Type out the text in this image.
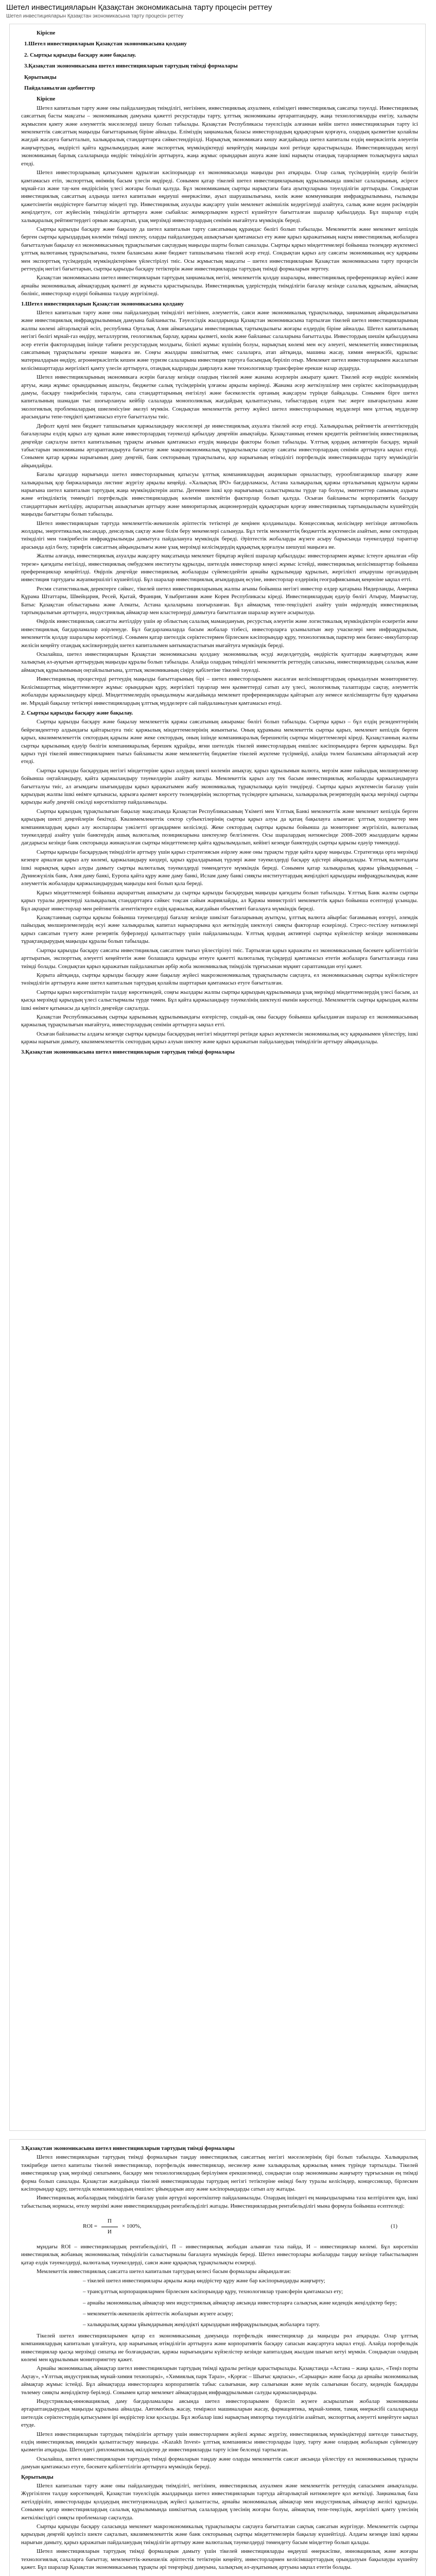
Шетел инвестицияларын Қазақстан экономикасына тарту процесін реттеу
Шетел инвестицияларын Қазақстан экономикасына тарту процесін реттеу

Кіріспе

1.Шетел инвестицияларын Қазақстан экономикасына қолдану

2. Сыртқы қарызды басқару және бақылау.

3.Қазақстан экономикасына шетел инвестицияларын тартудың тиімді формалары

Қорытынды

Пайдаланылған әдебиеттер

Кіріспе

Шетел капиталын тарту және оны пайдаланудың тиімділігі, негізінен, инвестициялық ахуалмен, еліміздегі инвестициялық саясатқа тәуелді. Инвестициялық саясаттың басты мақсаты – экономиканың дамуына қажетті ресурстарды тарту, ұлттық экономиканы әртараптандыру, жаңа технологияларды енгізу, халықты жұмыспен қамту және әлеуметтік мәселелерді шешу болып табылады. Қазақстан Республикасы тәуелсіздік алғаннан кейін шетел инвестицияларын тарту ісі мемлекеттік саясаттың маңызды бағыттарының біріне айналды. Еліміздің заңнамалық базасы инвесторлардың құқықтарын қорғауға, олардың қызметіне қолайлы жағдай жасауға бағытталып, халықаралық стандарттарға сәйкестендірілді. Нарықтық экономикаға көшу жағдайында шетел капиталы елдің өнеркәсіптік әлеуетін жаңғыртудың, өндірісті қайта құрылымдаудың және экспорттық мүмкіндіктерді кеңейтудің маңызды көзі ретінде қарастырылады. Инвестициялардың келуі экономиканың барлық салаларында өндіріс тиімділігін арттыруға, жаңа жұмыс орындарын ашуға және ішкі нарықты отандық тауарлармен толықтыруға ықпал етеді.

Шетел инвесторларының қатысуымен құрылған кәсіпорындар ел экономикасында маңызды рөл атқарады. Олар салық түсімдерінің едәуір бөлігін қамтамасыз етіп, экспорттық өнімнің басым үлесін өндіреді. Сонымен қатар тікелей шетел инвестицияларының құрылымында шикізат салаларының, әсіресе мұнай-газ және тау-кен өндірісінің үлесі жоғары болып қалуда. Бұл экономиканың сыртқы нарықтағы баға ауытқуларына тәуелділігін арттырады. Сондықтан инвестициялық саясаттың алдында шетел капиталын өңдеуші өнеркәсіпке, ауыл шаруашылығына, көлік және коммуникация инфрақұрылымына, ғылымды қажетсінетін өндірістерге бағыттау міндеті тұр. Инвестициялық ахуалды жақсарту үшін мемлекет әкімшілік кедергілерді азайтуға, салық және кеден рәсімдерін жеңілдетуге, сот жүйесінің тиімділігін арттыруға және сыбайлас жемқорлықпен күресті күшейтуге бағытталған шаралар қабылдауда. Бұл шаралар елдің халықаралық рейтингтердегі орнын жақсартып, ұзақ мерзімді инвесторлардың сенімін нығайтуға мүмкіндік береді.

Сыртқы қарызды басқару және бақылау да шетел капиталын тарту саясатының құрамдас бөлігі болып табылады. Мемлекеттік және мемлекет кепілдік берген сыртқы қарыздардың көлемін тиімді шектеу, оларды пайдаланудың ашықтығын қамтамасыз ету және қарыз қаражатының нақты инвестициялық жобаларға бағытталуын бақылау ел экономикасының тұрақтылығын сақтаудың маңызды шарты болып саналады. Сыртқы қарыз міндеттемелері бойынша төлемдер жүктемесі ұлттық валютаның тұрақтылығына, төлем балансына және бюджет тапшылығына тікелей әсер етеді. Сондықтан қарыз алу саясаты экономиканың өсу қарқыны мен экспорттық түсімдердің мүмкіндіктерімен үйлестірілуі тиіс. Осы жұмыстың мақсаты – шетел инвестицияларын Қазақстан экономикасына тарту процесін реттеудің негізгі бағыттарын, сыртқы қарызды басқару тетіктерін және инвестицияларды тартудың тиімді формаларын зерттеу.

Қазақстан экономикасына шетел инвестицияларын тартудың заңнамалық негізі, мемлекеттік қолдау шаралары, инвестициялық преференциялар жүйесі және арнайы экономикалық аймақтардың қызметі де жұмыста қарастырылады. Инвестициялық үдерістердің тиімділігін бағалау кезінде салалық құрылым, аймақтық бөлініс, инвесторлар елдері бойынша талдау жүргізіледі.

1.Шетел инвестицияларын Қазақстан экономикасына қолдану

Шетел капиталын тарту және оны пайдаланудың тиімділігі негізінен, әлеуметтік, саяси және экономикалық тұрақтылыққа, заңнаманың айқындылығына және инвестициялық инфрақұрылымның дамуына байланысты. Тәуелсіздік жылдарында Қазақстан экономикасына тартылған тікелей шетел инвестицияларының жалпы көлемі айтарлықтай өсіп, республика Орталық Азия аймағындағы инвестициялық тартымдылығы жоғары елдердің біріне айналды. Шетел капиталының негізгі бөлігі мұнай-газ өндіру, металлургия, геологиялық барлау, қаржы қызметі, көлік және байланыс салаларына бағытталды. Инвестордың шешім қабылдауына әсер ететін факторлардың ішінде табиғи ресурстардың молдығы, білікті жұмыс күшінің болуы, нарықтың көлемі мен өсу әлеуеті, мемлекеттің инвестициялық саясатының тұрақтылығы ерекше маңызға ие. Соңғы жылдары шикізаттық емес салаларға, атап айтқанда, машина жасау, химия өнеркәсібі, құрылыс материалдарын өндіру, агроөнеркәсіптік кешен және туризм салаларына инвестиция тартуға басымдық беріліп отыр. Мемлекет шетел инвесторларымен жасалатын келісімшарттарда жергілікті қамту үлесін арттыруға, отандық кадрларды даярлауға және технологиялар трансферіне ерекше назар аударуда.

Шетел инвестицияларының экономикаға әсерін бағалау кезінде олардың тікелей және жанама әсерлерін ажырату қажет. Тікелей әсер өндіріс көлемінің артуы, жаңа жұмыс орындарының ашылуы, бюджетке салық түсімдерінің ұлғаюы арқылы көрінеді. Жанама әсер жеткізушілер мен серіктес кәсіпорындардың дамуы, басқару тәжірибесінің таралуы, сапа стандарттарының енгізілуі және бәсекелестік ортаның жақсаруы түрінде байқалады. Сонымен бірге шетел капиталының шамадан тыс шоғырлануы кейбір салаларда монополиялық жағдайдың қалыптасуына, табыстардың елден тыс жерге шығарылуына және экологиялық проблемалардың шиеленісуіне әкелуі мүмкін. Сондықтан мемлекеттік реттеу жүйесі шетел инвесторларының мүдделері мен ұлттық мүдделер арасындағы тепе-теңдікті қамтамасыз етуге бағытталуы тиіс.

Дефолт қаупі мен бюджет тапшылығын қаржыландыру мәселелері де инвестициялық ахуалға тікелей әсер етеді. Халықаралық рейтингтік агенттіктердің бағалаулары елдің қарыз алу құнын және инвесторлардың тәуекелді қабылдау деңгейін анықтайды. Қазақстанның егемен кредиттік рейтингінің инвестициялық деңгейде сақталуы шетел капиталының тұрақты ағынын қамтамасыз етудің маңызды факторы болып табылады. Ұлттық қордың активтерін басқару, мұнай табыстарын экономиканы әртараптандыруға бағыттау және макроэкономикалық тұрақтылықты сақтау саясаты инвесторлардың сенімін арттыруға ықпал етеді. Сонымен қатар қаржы нарығының даму деңгейі, банк секторының тұрақтылығы, қор нарығының өтімділігі портфельдік инвестицияларды тарту мүмкіндігін айқындайды.

Бағалы қағаздар нарығында шетел инвесторларының қатысуы ұлттық компаниялардың акцияларын орналастыру, еурооблигациялар шығару және халықаралық қор биржаларында листинг жүргізу арқылы кеңейді. «Халықтық IPO» бағдарламасы, Астана халықаралық қаржы орталығының құрылуы қаржы нарығына шетел капиталын тартудың жаңа мүмкіндіктерін ашты. Дегенмен ішкі қор нарығының салыстырмалы түрде тар болуы, эмитенттер санының аздығы және өтімділіктің төмендігі портфельдік инвестициялардың көлемін шектейтін факторлар болып қалуда. Осыған байланысты корпоративтік басқару стандарттарын жетілдіру, ақпараттың ашықтығын арттыру және миноритарлық акционерлердің құқықтарын қорғау инвестициялық тартымдылықты күшейтудің маңызды бағыттары болып табылады.

Шетел инвестицияларын тартуда мемлекеттік-жекешелік әріптестік тетіктері де кеңінен қолданылады. Концессиялық келісімдер негізінде автомобиль жолдары, энергетикалық нысандар, денсаулық сақтау және білім беру мекемелері салынуда. Бұл тетік мемлекеттің бюджеттік жүктемесін азайтып, жеке сектордың тиімділігі мен тәжірибесін инфрақұрылымды дамытуға пайдалануға мүмкіндік береді. Әріптестік жобаларды жүзеге асыру барысында тәуекелдерді тараптар арасында әділ бөлу, тарифтік саясаттың айқындылығы және ұзақ мерзімді келісімдердің құқықтық қорғалуы шешуші маңызға ие.

Жалпы алғанда, инвестициялық ахуалды жақсарту мақсатында мемлекет бірқатар жүйелі шаралар қабылдады: инвесторлармен жұмыс істеуге арналған «бір терезе» қағидаты енгізілді, инвестициялық омбудсмен институты құрылды, шетелдік инвесторлар кеңесі жұмыс істейді, инвестициялық келісімшарттар бойынша преференциялар кеңейтілді. Өңірлік деңгейде инвестициялық жобаларды сүйемелдейтін арнайы құрылымдар құрылып, жергілікті атқарушы органдардың инвестиция тартудағы жауапкершілігі күшейтілді. Бұл шаралар инвестициялық ағындардың өсуіне, инвесторлар елдерінің географиясының кеңеюіне ықпал етті.

Ресми статистикалық деректерге сәйкес, тікелей шетел инвестицияларының жалпы ағыны бойынша негізгі инвестор елдер қатарына Нидерланды, Америка Құрама Штаттары, Швейцария, Ресей, Қытай, Франция, Ұлыбритания және Корея Республикасы кіреді. Инвестициялардың едәуір бөлігі Атырау, Маңғыстау, Батыс Қазақстан облыстарына және Алматы, Астана қалаларына шоғырланған. Бұл аймақтық тепе-теңсіздікті азайту үшін өңірлердің инвестициялық тартымдылығын арттыруға, индустриялық аймақтар мен кластерлерді дамытуға бағытталған шаралар жүзеге асырылуда.

Өңірлік инвестициялық саясатты жетілдіру үшін әр облыстың салалық мамандануын, ресурстық әлеуетін және логистикалық мүмкіндіктерін ескеретін жеке инвестициялық бағдарламалар әзірленуде. Бұл бағдарламаларда басым жобалар тізбесі, инвесторларға ұсынылатын жер учаскелері мен инфрақұрылым, мемлекеттік қолдау шаралары көрсетіледі. Сонымен қатар шетелдік серіктестермен бірлескен кәсіпорындар құру, технологиялық парктер мен бизнес-инкубаторлар желісін кеңейту отандық кәсіпкерлердің шетел капиталымен ынтымақтастығын нығайтуға мүмкіндік береді.

Осылайша, шетел инвестицияларын Қазақстан экономикасына қолдану экономикалық өсуді жеделдетудің, өндірістік қуаттарды жаңғыртудың және халықтың әл-ауқатын арттырудың маңызды құралы болып табылады. Алайда олардың тиімділігі мемлекеттік реттеудің сапасына, инвестициялардың салалық және аймақтық құрылымының оңтайлылығына, ұлттық экономиканың сіңіру қабілетіне тікелей тәуелді.

Инвестициялық процестерді реттеудің маңызды бағыттарының бірі – шетел инвесторларымен жасалған келісімшарттардың орындалуын мониторингтеу. Келісімшарттық міндеттемелерге жұмыс орындарын құру, жергілікті тауарлар мен қызметтерді сатып алу үлесі, экологиялық талаптарды сақтау, әлеуметтік жобаларды қаржыландыру кіреді. Міндеттемелердің орындалмауы жағдайында мемлекет преференцияларды қайтарып алу немесе келісімшартты бұзу құқығына ие. Мұндай бақылау тетіктері инвестициялардың ұлттық мүдделерге сай пайдаланылуын қамтамасыз етеді.

2. Сыртқы қарызды басқару және бақылау.

Сыртқы қарызды басқару және бақылау мемлекеттік қаржы саясатының ажырамас бөлігі болып табылады. Сыртқы қарыз – бұл елдің резиденттерінің бейрезиденттер алдындағы қайтарылуға тиіс қаржылық міндеттемелерінің жиынтығы. Оның құрамына мемлекеттік сыртқы қарыз, мемлекет кепілдік берген қарыз, квазимемлекеттік сектордың қарызы және жеке сектордың, оның ішінде компанияаралық берешектің сыртқы міндеттемелері кіреді. Қазақстанның жалпы сыртқы қарызының едәуір бөлігін компанияаралық берешек құрайды, яғни шетелдік тікелей инвесторлардың еншілес кәсіпорындарға берген қарыздары. Бұл қарыз түрі тікелей инвестициялармен тығыз байланысты және мемлекеттің бюджетіне тікелей жүктеме түсірмейді, алайда төлем балансына айтарлықтай әсер етеді.

Сыртқы қарызды басқарудың негізгі міндеттеріне қарыз алудың шекті көлемін анықтау, қарыз құрылымын валюта, мерзім және пайыздық мөлшерлемелер бойынша оңтайландыру, қайта қаржыландыру тәуекелдерін азайту жатады. Мемлекеттік қарыз алу тек басым инвестициялық жобаларды қаржыландыруға бағытталуы тиіс, ал ағымдағы шығындарды қарыз қаражатымен жабу экономикалық тұрақтылыққа қауіп төндіреді. Сыртқы қарыз жүктемесін бағалау үшін қарыздың жалпы ішкі өнімге қатынасы, қарызға қызмет көрсету төлемдерінің экспорттық түсімдерге қатынасы, халықаралық резервтердің қысқа мерзімді сыртқы қарызды жабу деңгейі секілді көрсеткіштер пайдаланылады.

Сыртқы қарыздың тұрақтылығын бақылау мақсатында Қазақстан Республикасының Үкіметі мен Ұлттық Банкі мемлекеттік және мемлекет кепілдік берген қарыздың шекті деңгейлерін бекітеді. Квазимемлекеттік сектор субъектілерінің сыртқы қарыз алуы да қатаң бақылауға алынған: ұлттық холдингтер мен компаниялардың қарыз алу жоспарлары уәкілетті органдармен келісіледі. Жеке сектордың сыртқы қарызы бойынша да мониторинг жүргізіліп, валюталық тәуекелдерді азайту үшін банктердің ашық валюталық позицияларына шектеулер белгіленген. Осы шаралардың нәтижесінде 2008–2009 жылдардағы қаржы дағдарысы кезінде банк секторында жинақталған сыртқы міндеттемелер қайта құрылымдалып, кейінгі кезеңде банктердің сыртқы қарызы едәуір төмендеді.

Сыртқы қарызды басқарудың тиімділігін арттыру үшін қарыз стратегиясын әзірлеу және оны тұрақты түрде қайта қарау маңызды. Стратегияда орта мерзімді кезеңге арналған қарыз алу көлемі, қаржыландыру көздері, қарыз құралдарының түрлері және тәуекелдерді басқару әдістері айқындалады. Ұлттық валютадағы ішкі нарықтық қарыз алуды дамыту сыртқы валюталық тәуекелдерді төмендетуге мүмкіндік береді. Сонымен қатар халықаралық қаржы ұйымдарының – Дүниежүзілік банк, Азия даму банкі, Еуропа қайта құру және даму банкі, Ислам даму банкі сияқты институттардың жеңілдікті қарыздары инфрақұрылымдық және әлеуметтік жобаларды қаржыландырудың маңызды көзі болып қала береді.

Қарыз міндеттемелері бойынша ақпараттың ашықтығы да сыртқы қарызды басқарудың маңызды қағидаты болып табылады. Ұлттық Банк жалпы сыртқы қарыз туралы деректерді халықаралық стандарттарға сәйкес тоқсан сайын жариялайды, ал Қаржы министрлігі мемлекеттік қарыз бойынша есептерді ұсынады. Бұл ақпарат инвесторлар мен рейтингтік агенттіктерге елдің қаржылық жағдайын объективті бағалауға мүмкіндік береді.

Қазақстанның сыртқы қарызы бойынша тәуекелдерді бағалау кезінде шикізат бағаларының ауытқуы, ұлттық валюта айырбас бағамының өзгеруі, әлемдік пайыздық мөлшерлемелердің өсуі және халықаралық капитал нарықтарына қол жеткізудің шектелуі сияқты факторлар ескеріледі. Стресс-тестілеу нәтижелері қарыз саясатын түзету және резервтік буферлерді қалыптастыру үшін пайдаланылады. Ұлттық қордың активтері сыртқы күйзелістер кезінде экономиканы тұрақтандырудың маңызды құралы болып табылады.

Сыртқы қарызды басқару саясаты инвестициялық саясатпен тығыз үйлестірілуі тиіс. Тартылған қарыз қаражаты ел экономикасының бәсекеге қабілеттілігін арттыратын, экспорттық әлеуетті кеңейтетін және болашақта қарызды өтеуге қажетті валюталық түсімдерді қамтамасыз ететін жобаларға бағытталғанда ғана тиімді болады. Сондықтан қарыз қаражатын пайдаланатын әрбір жоба экономикалық тиімділік тұрғысынан мұқият сараптамадан өтуі қажет.

Қорыта айтқанда, сыртқы қарызды басқару және бақылау жүйесі макроэкономикалық тұрақтылықты сақтауға, ел экономикасының сыртқы күйзелістерге төзімділігін арттыруға және шетел капиталын тартудың қолайлы шарттарын қамтамасыз етуге бағытталған.

Сыртқы қарыз көрсеткіштерін талдау көрсеткендей, соңғы жылдары жалпы сыртқы қарыздың құрылымында ұзақ мерзімді міндеттемелердің үлесі басым, ал қысқа мерзімді қарыздың үлесі салыстырмалы түрде төмен. Бұл қайта қаржыландыру тәуекелінің шектеулі екенін көрсетеді. Мемлекеттік сыртқы қарыздың жалпы ішкі өнімге қатынасы да қауіпсіз деңгейде сақталуда.

Қазақстан Республикасының сыртқы қарызының құрылымындағы өзгерістер, сондай-ақ оны басқару бойынша қабылданған шаралар ел экономикасының қаржылық тұрақтылығын нығайтуға, инвесторлардың сенімін арттыруға ықпал етті.

Осыған байланысты алдағы кезеңде сыртқы қарызды басқарудың негізгі міндеттері ретінде қарыз жүктемесін экономикалық өсу қарқынымен үйлестіру, ішкі қаржы нарығын дамыту, квазимемлекеттік сектордың қарыз алуын шектеу және қарыз қаражатын пайдаланудың тиімділігін арттыру айқындалады.

3.Қазақстан экономикасына шетел инвестицияларын тартудың тиімді формалары

3.Қазақстан экономикасына шетел инвестицияларын тартудың тиімді формалары

Шетел инвестицияларын тартудың тиімді формаларын таңдау инвестициялық саясаттың негізгі мәселелерінің бірі болып табылады. Халықаралық тәжірибеде шетел капиталы тікелей инвестициялар, портфельдік инвестициялар, несиелер және халықаралық қаржылық көмек түрінде тартылады. Тікелей инвестициялар ұзақ мерзімді сипатымен, басқару мен технологиялардың берілуімен ерекшеленеді, сондықтан олар экономиканы жаңғырту тұрғысынан ең тиімді форма болып саналады. Қазақстан жағдайында тікелей инвестицияларды тартудың негізгі тетіктеріне өнімді бөлу туралы келісімдер, концессиялар, бірлескен кәсіпорындар құру, шетелдік компаниялардың еншілес ұйымдарын ашу және кәсіпорындарды сатып алу жатады.

Инвестициялық жобалардың тиімділігін бағалау үшін әртүрлі көрсеткіштер пайдаланылады. Олардың ішіндегі ең маңыздыларына таза келтірілген құн, ішкі табыстылық нормасы, өтелу мерзімі және инвестициялардың рентабельділігі жатады. Инвестициялардың рентабельділігі мына формула бойынша есептеледі:

ROI = $\frac{П}{И} \times 100\%$,	(1)

мұндағы ROI – инвестициялардың рентабельділігі, П – инвестициялық жобадан алынған таза пайда, И – инвестициялар көлемі. Бұл көрсеткіш инвестициялық жобаның экономикалық тиімділігін салыстырмалы бағалауға мүмкіндік береді. Шетел инвесторлары жобаларды таңдау кезінде табыстылықпен қатар елдік тәуекелдерді, валюталық тәуекелдерді, саяси және құқықтық тұрақтылықты ескереді.

Мемлекеттік инвестициялық саясатта шетел капиталын тартудың келесі басым формалары айқындалған:

– тікелей шетел инвестициялары арқылы жаңа өндірістер құру және бар кәсіпорындарды жаңғырту;

– трансұлттық корпорациялармен бірлескен кәсіпорындар құру, технологиялар трансферін қамтамасыз ету;

– арнайы экономикалық аймақтар мен индустриялық аймақтар аясында инвесторларға салықтық және кедендік жеңілдіктер беру;

– мемлекеттік-жекешелік әріптестік жобаларын жүзеге асыру;

– халықаралық қаржы ұйымдарының жеңілдікті қарыздарын инфрақұрылымдық жобаларға тарту.

Тікелей шетел инвестицияларымен қатар ел экономикасының дамуында портфельдік инвестициялар да маңызды рөл атқарады. Олар ұлттық компаниялардың капиталын ұлғайтуға, қор нарығының өтімділігін арттыруға және корпоративтік басқару сапасын жақсартуға ықпал етеді. Алайда портфельдік инвестициялар қысқа мерзімді сипатқа ие болғандықтан, қаржы нарығындағы күйзелістер кезінде капиталдың жылдам шығып кетуі мүмкін. Сондықтан олардың көлемі мен құрылымын мониторингтеу қажет.

Арнайы экономикалық аймақтар шетел инвестицияларын тартудың тиімді құралы ретінде қарастырылады. Қазақстанда «Астана – жаңа қала», «Теңіз порты Ақтау», «Ұлттық индустриялық мұнай-химия технопаркі», «Химиялық парк Тараз», «Қорғас – Шығыс қақпасы», «Сарыарқа» және басқа да арнайы экономикалық аймақтар жұмыс істейді. Бұл аймақтарда инвесторларға корпоративтік табыс салығынан, жер салығынан және мүлік салығынан босату, кедендік баждарды төлемеу сияқты жеңілдіктер беріледі. Сонымен қатар мемлекет аймақтардың инфрақұрылымын салуды қаржыландырады.

Индустриялық-инновациялық даму бағдарламалары аясында шетел инвесторларымен бірлесіп жүзеге асырылатын жобалар экономиканы әртараптандырудың маңызды құралына айналды. Автомобиль жасау, теміржол машиналарын жасау, фармацевтика, мұнай-химия, тамақ өнеркәсібі салаларында шетелдік серіктестердің қатысуымен ірі өндірістер іске қосылды. Бұл жобалар ішкі нарықтың импортқа тәуелділігін азайтып, экспорттық әлеуетті кеңейтуге ықпал етуде.

Шетел инвестицияларын тартудың тиімділігін арттыру үшін инвесторлармен жүйелі жұмыс жүргізу, инвестициялық мүмкіндіктерді шетелде таныстыру, елдің инвестициялық имиджін қалыптастыру маңызды. «Kazakh Invest» ұлттық компаниясы инвесторларды іздеу, тарту және олардың жобаларын сүйемелдеу қызметін атқарады. Шетелдегі дипломатиялық өкілдіктер де инвестицияларды тарту ісіне белсенді тартылған.

Осылайша, шетел инвестицияларын тартудың тиімді формаларын таңдау және оларды мемлекеттік саясат аясында үйлестіру ел экономикасының тұрақты дамуын қамтамасыз етуге, бәсекеге қабілеттілігін арттыруға мүмкіндік береді.

Қорытынды

Шетел капиталын тарту және оны пайдаланудың тиімділігі, негізінен, инвестициялық ахуалмен және мемлекеттік реттеудің сапасымен анықталады. Жүргізілген талдау көрсеткендей, Қазақстан тәуелсіздік жылдарында шетел инвестицияларын тартуда айтарлықтай нәтижелерге қол жеткізді. Заңнамалық база жетілдіріліп, инвесторларды қолдаудың институционалдық жүйесі қалыптасты, арнайы экономикалық аймақтар мен индустриялық аймақтар желісі құрылды. Сонымен қатар инвестициялардың салалық құрылымында шикізаттық салалардың үлесінің жоғары болуы, аймақтық тепе-теңсіздік, жергілікті қамту үлесінің жеткіліксіздігі сияқты проблемалар сақталуда.

Сыртқы қарызды басқару саласында мемлекет макроэкономикалық тұрақтылықты сақтауға бағытталған сақтық саясатын жүргізуде. Мемлекеттік сыртқы қарыздың деңгейі қауіпсіз шекте сақталып, квазимемлекеттік және банк секторының сыртқы міндеттемелерін бақылау күшейтілді. Алдағы кезеңде ішкі қаржы нарығын дамыту, қарыз қаражатын пайдаланудың тиімділігін арттыру және валюталық тәуекелдерді төмендету басым міндеттер болып қалады.

Шетел инвестицияларын тартудың тиімді формаларын дамыту үшін тікелей инвестицияларды өңдеуші өнеркәсіпке, инновациялық және жоғары технологиялық салаларға бағыттау, мемлекеттік-жекешелік әріптестік тетіктерін кеңейту, инвесторлармен келісімшарттардың орындалуын бақылауды күшейту қажет. Бұл шаралар Қазақстан экономикасының тұрақты әрі теңгерімді дамуына, халықтың әл-ауқатының артуына ықпал ететін болады.
